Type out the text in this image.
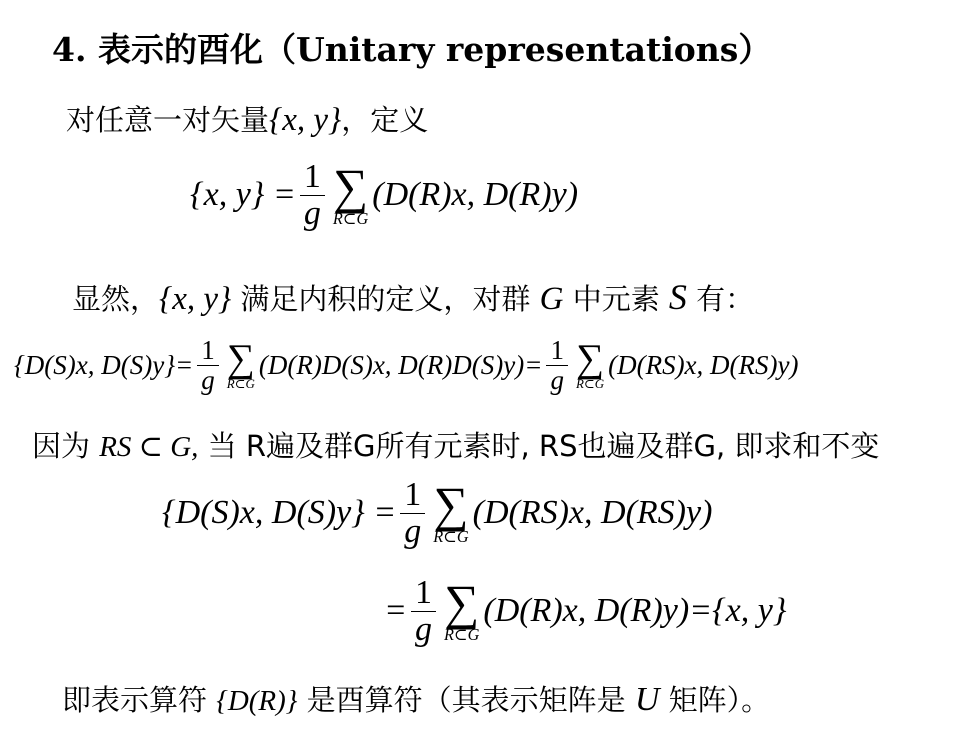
4. 表示的酉化（Unitary representations）
对任意一对矢量{x, y}，定义
{x, $y\} = \frac{1}{g}$ ∑
R⊂G
(D(R)x, D(R)y)
显然，{x, y} 满足内积的定义，对群 G 中元素 S 有：
{D(S)x, $D(S)y\}= \frac{1}{g}$ ∑
R⊂G
(D(R)D(S)x, $D(R)D(S)y)= \frac{1}{g}$ ∑
R⊂G
(D(RS)x, D(RS)y)
因为 RS ⊂ G, 当 R遍及群G所有元素时, RS也遍及群G, 即求和不变
{D(S)x, $D(S)y\} = \frac{1}{g}$ ∑
R⊂G
(D(RS)x, D(RS)y)
= $\frac{1}{g}$ ∑
R⊂G
(D(R)x, D(R)y)={x, y}
即表示算符 {D(R)} 是酉算符（其表示矩阵是 U 矩阵）。
